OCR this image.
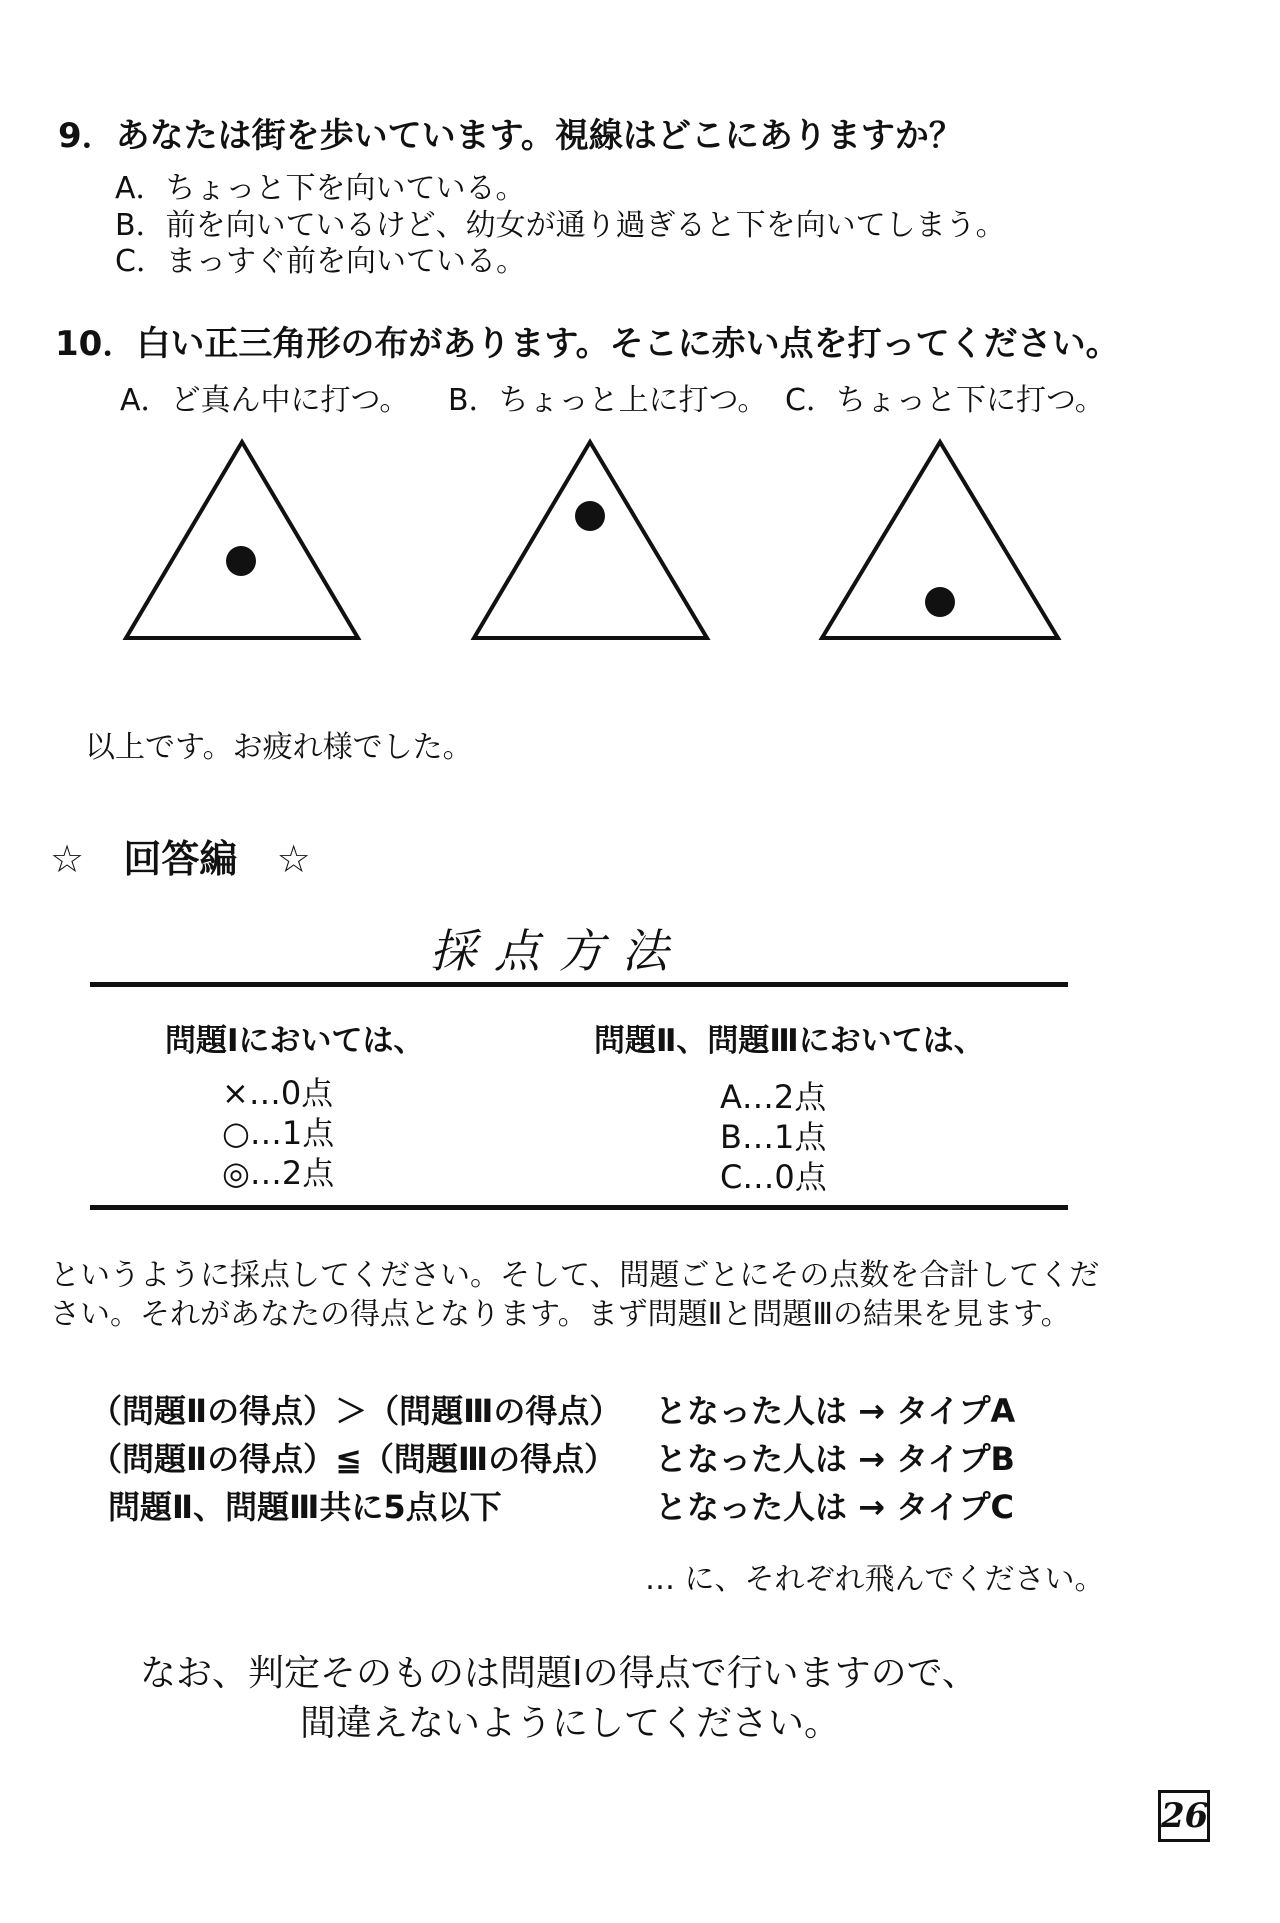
9．あなたは街を歩いています。視線はどこにありますか？
A．ちょっと下を向いている。
B．前を向いているけど、幼女が通り過ぎると下を向いてしまう。
C．まっすぐ前を向いている。
10．白い正三角形の布があります。そこに赤い点を打ってください。
A．ど真ん中に打つ。 B．ちょっと上に打つ。 C．ちょっと下に打つ。
以上です。お疲れ様でした。
☆ 回答編 ☆
採点方法
問題Ⅰにおいては、
×…0点
○…1点
◎…2点
問題Ⅱ、問題Ⅲにおいては、
A…2点
B…1点
C…0点
というように採点してください。そして、問題ごとにその点数を合計してくだ
さい。それがあなたの得点となります。まず問題Ⅱと問題Ⅲの結果を見ます。
（問題Ⅱの得点）＞（問題Ⅲの得点） となった人は → タイプA
（問題Ⅱの得点）≦（問題Ⅲの得点） となった人は → タイプB
問題Ⅱ、問題Ⅲ共に5点以下	となった人は → タイプC
… に、それぞれ飛んでください。
なお、判定そのものは問題Ⅰの得点で行いますので、
間違えないようにしてください。
26
